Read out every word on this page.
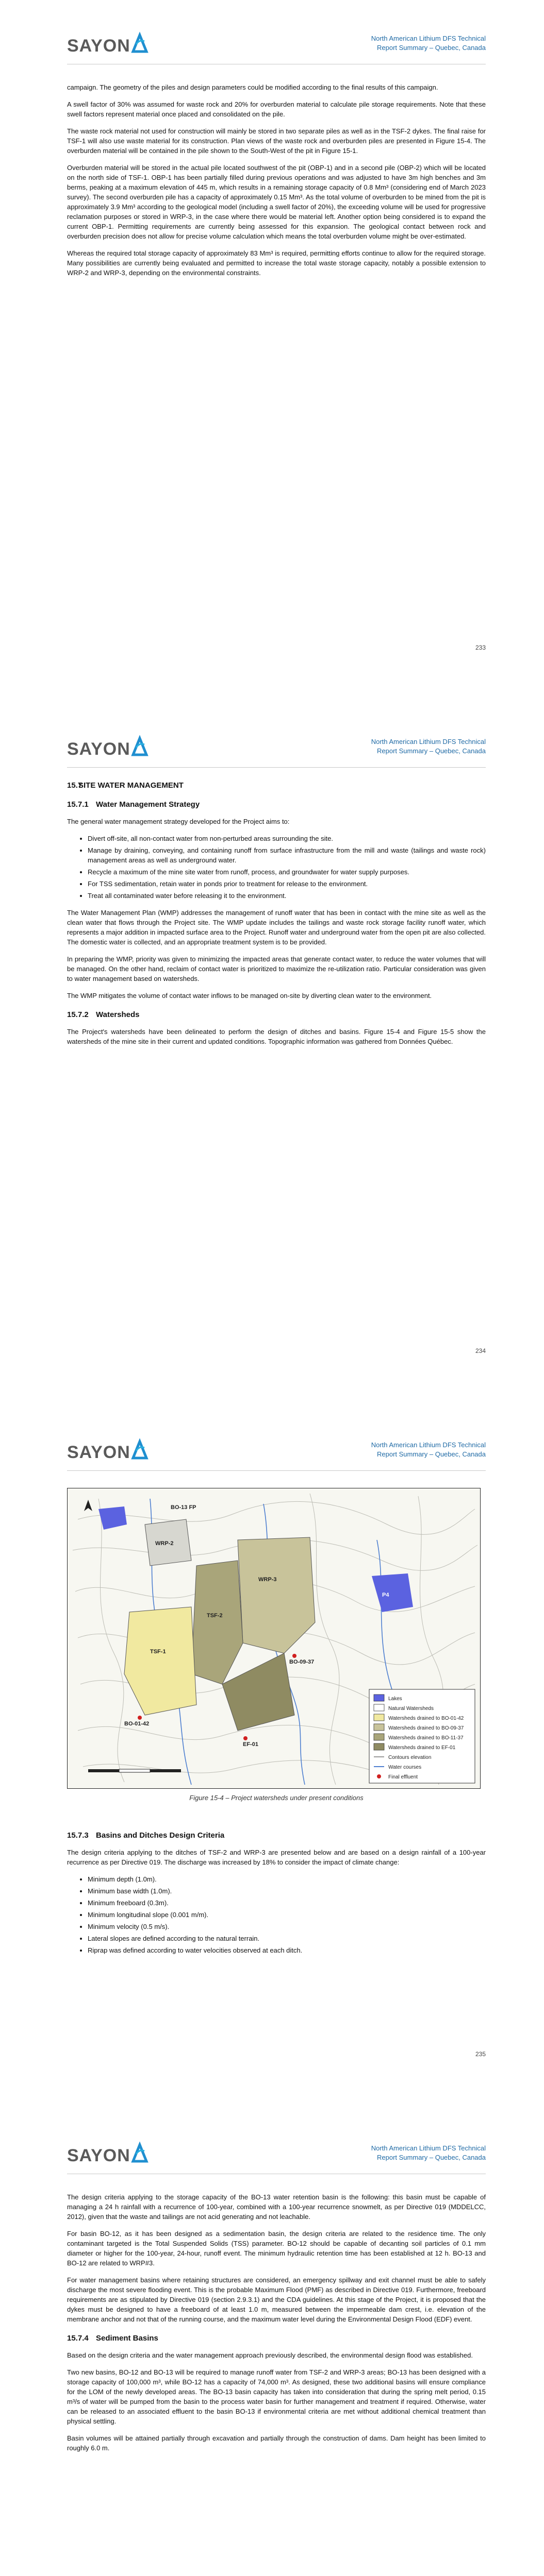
SAYON	North American Lithium DFS Technical
Report Summary – Quebec, Canada

campaign. The geometry of the piles and design parameters could be modified according to the final results of this campaign.

A swell factor of 30% was assumed for waste rock and 20% for overburden material to calculate pile storage requirements. Note that these swell factors represent material once placed and consolidated on the pile.

The waste rock material not used for construction will mainly be stored in two separate piles as well as in the TSF-2 dykes. The final raise for TSF-1 will also use waste material for its construction. Plan views of the waste rock and overburden piles are presented in Figure 15-4. The overburden material will be contained in the pile shown to the South-West of the pit in Figure 15-1.

Overburden material will be stored in the actual pile located southwest of the pit (OBP-1) and in a second pile (OBP-2) which will be located on the north side of TSF-1. OBP-1 has been partially filled during previous operations and was adjusted to have 3m high benches and 3m berms, peaking at a maximum elevation of 445 m, which results in a remaining storage capacity of 0.8 Mm³ (considering end of March 2023 survey). The second overburden pile has a capacity of approximately 0.15 Mm³. As the total volume of overburden to be mined from the pit is approximately 3.9 Mm³ according to the geological model (including a swell factor of 20%), the exceeding volume will be used for progressive reclamation purposes or stored in WRP-3, in the case where there would be material left. Another option being considered is to expand the current OBP-1. Permitting requirements are currently being assessed for this expansion. The geological contact between rock and overburden precision does not allow for precise volume calculation which means the total overburden volume might be over-estimated.

Whereas the required total storage capacity of approximately 83 Mm³ is required, permitting efforts continue to allow for the required storage. Many possibilities are currently being evaluated and permitted to increase the total waste storage capacity, notably a possible extension to WRP-2 and WRP-3, depending on the environmental constraints.

233
SAYON	North American Lithium DFS Technical
Report Summary – Quebec, Canada
15.7SITE WATER MANAGEMENT
15.7.1 Water Management Strategy

The general water management strategy developed for the Project aims to:

• Divert off-site, all non-contact water from non-perturbed areas surrounding the site.
• Manage by draining, conveying, and containing runoff from surface infrastructure from the mill and waste (tailings and waste rock) management areas as well as underground water.
• Recycle a maximum of the mine site water from runoff, process, and groundwater for water supply purposes.
• For TSS sedimentation, retain water in ponds prior to treatment for release to the environment.
• Treat all contaminated water before releasing it to the environment.

The Water Management Plan (WMP) addresses the management of runoff water that has been in contact with the mine site as well as the clean water that flows through the Project site. The WMP update includes the tailings and waste rock storage facility runoff water, which represents a major addition in impacted surface area to the Project. Runoff water and underground water from the open pit are also collected. The domestic water is collected, and an appropriate treatment system is to be provided.

In preparing the WMP, priority was given to minimizing the impacted areas that generate contact water, to reduce the water volumes that will be managed. On the other hand, reclaim of contact water is prioritized to maximize the re-utilization ratio. Particular consideration was given to water management based on watersheds.

The WMP mitigates the volume of contact water inflows to be managed on-site by diverting clean water to the environment.

15.7.2 Watersheds

The Project's watersheds have been delineated to perform the design of ditches and basins. Figure 15-4 and Figure 15-5 show the watersheds of the mine site in their current and updated conditions. Topographic information was gathered from Données Québec.

234
SAYON	North American Lithium DFS Technical
Report Summary – Quebec, Canada
BO-13 FP
WRP-2
WRP-3
P4
TSF-1
TSF-2
BO-09-37
BO-01-42
EF-01
Lakes
Natural Watersheds
Watersheds drained to BO-01-42
Watersheds drained to BO-09-37
Watersheds drained to BO-11-37
Watersheds drained to EF-01
Contours elevation
Water courses
Final effluent
Figure 15-4 – Project watersheds under present conditions
15.7.3 Basins and Ditches Design Criteria

The design criteria applying to the ditches of TSF-2 and WRP-3 are presented below and are based on a design rainfall of a 100-year recurrence as per Directive 019. The discharge was increased by 18% to consider the impact of climate change:

• Minimum depth (1.0m).
• Minimum base width (1.0m).
• Minimum freeboard (0.3m).
• Minimum longitudinal slope (0.001 m/m).
• Minimum velocity (0.5 m/s).
• Lateral slopes are defined according to the natural terrain.
• Riprap was defined according to water velocities observed at each ditch.
235
SAYON	North American Lithium DFS Technical
Report Summary – Quebec, Canada

The design criteria applying to the storage capacity of the BO-13 water retention basin is the following: this basin must be capable of managing a 24 h rainfall with a recurrence of 100-year, combined with a 100-year recurrence snowmelt, as per Directive 019 (MDDELCC, 2012), given that the waste and tailings are not acid generating and not leachable.

For basin BO-12, as it has been designed as a sedimentation basin, the design criteria are related to the residence time. The only contaminant targeted is the Total Suspended Solids (TSS) parameter. BO-12 should be capable of decanting soil particles of 0.1 mm diameter or higher for the 100-year, 24-hour, runoff event. The minimum hydraulic retention time has been established at 12 h. BO-13 and BO-12 are related to WRP#3.

For water management basins where retaining structures are considered, an emergency spillway and exit channel must be able to safely discharge the most severe flooding event. This is the probable Maximum Flood (PMF) as described in Directive 019. Furthermore, freeboard requirements are as stipulated by Directive 019 (section 2.9.3.1) and the CDA guidelines. At this stage of the Project, it is proposed that the dykes must be designed to have a freeboard of at least 1.0 m, measured between the impermeable dam crest, i.e. elevation of the membrane anchor and not that of the running course, and the maximum water level during the Environmental Design Flood (EDF) event.

15.7.4 Sediment Basins

Based on the design criteria and the water management approach previously described, the environmental design flood was established.

Two new basins, BO-12 and BO-13 will be required to manage runoff water from TSF-2 and WRP-3 areas; BO-13 has been designed with a storage capacity of 100,000 m³, while BO-12 has a capacity of 74,000 m³. As designed, these two additional basins will ensure compliance for the LOM of the newly developed areas. The BO-13 basin capacity has taken into consideration that during the spring melt period, 0.15 m³/s of water will be pumped from the basin to the process water basin for further management and treatment if required. Otherwise, water can be released to an associated effluent to the basin BO-13 if environmental criteria are met without additional chemical treatment than physical settling.

Basin volumes will be attained partially through excavation and partially through the construction of dams. Dam height has been limited to roughly 6.0 m.
